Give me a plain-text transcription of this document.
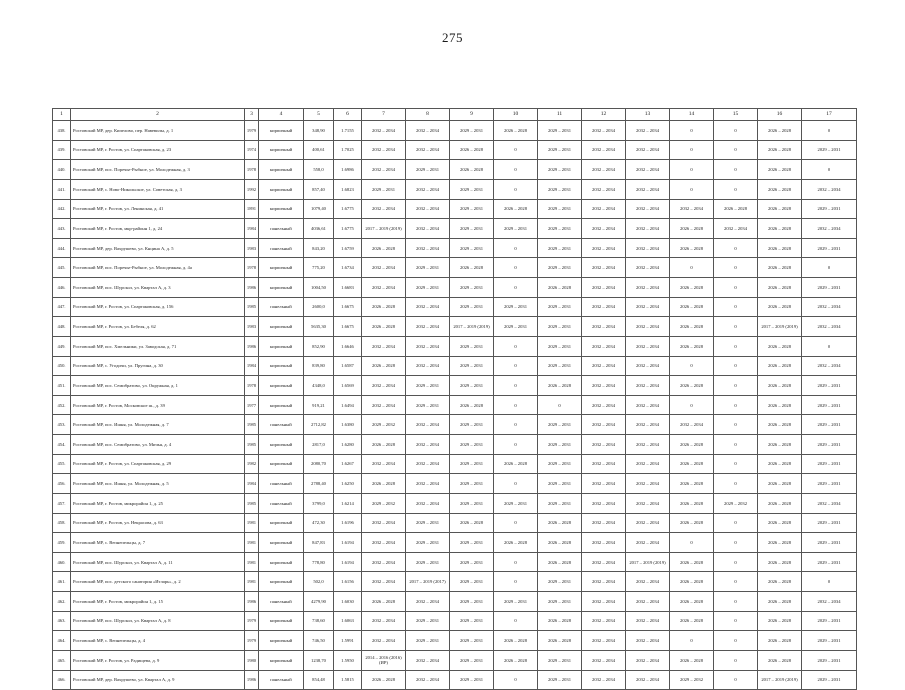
275
1	2	3	4	5	6	7	8	9	10	11	12	13	14	15	16	17
438.	Ростовский МР, дер. Кипелово, пер. Навевилы, д. 1	1979	кирпичный	348,90	1.7155	2032 – 2034	2032 – 2034	2029 – 2031	2026 – 2028	2029 – 2031	2032 – 2034	2032 – 2034	0	0	2026 – 2028	0
439.	Ростовский МР, г. Ростов, ул. Спартаковская, д. 23	1974	кирпичный	400,61	1.7025	2032 – 2034	2032 – 2034	2026 – 2028	0	2029 – 2031	2032 – 2034	2032 – 2034	0	0	2026 – 2028	2029 – 2031
440.	Ростовский МР, пос. Поречье-Рыбное, ул. Молодежная, д. 3	1978	кирпичный	558,0	1.6986	2032 – 2034	2029 – 2031	2026 – 2028	0	2029 – 2031	2032 – 2034	2032 – 2034	0	0	2026 – 2028	0
441.	Ростовский МР, с. Ново-Никольское, ул. Советская, д. 3	1992	кирпичный	857,40	1.6823	2029 – 2031	2032 – 2034	2029 – 2031	0	2029 – 2031	2032 – 2034	2032 – 2034	0	0	2026 – 2028	2032 – 2034
442.	Ростовский МР, г. Ростов, ул. Ленинская, д. 41	1891	кирпичный	1079,40	1.6775	2032 – 2034	2032 – 2034	2029 – 2031	2026 – 2028	2029 – 2031	2032 – 2034	2032 – 2034	2032 – 2034	2026 – 2028	2026 – 2028	2029 – 2031
443.	Ростовский МР, г. Ростов, мкр-районн 1, д. 24	1984	панельный	4036,61	1.6775	2017 – 2019 (2019)	2032 – 2034	2029 – 2031	2029 – 2031	2029 – 2031	2032 – 2034	2032 – 2034	2026 – 2028	2032 – 2034	2026 – 2028	2032 – 2034
444.	Ростовский МР, дер. Вахрушево, ул. Кнцина А, д. 5	1983	панельный	843,20	1.6759	2026 – 2028	2032 – 2034	2029 – 2031	0	2029 – 2031	2032 – 2034	2032 – 2034	2026 – 2028	0	2026 – 2028	2029 – 2031
445.	Ростовский МР, пос. Поречье-Рыбное, ул. Молодежная, д. 4а	1978	кирпичный	775,20	1.6734	2032 – 2034	2029 – 2031	2026 – 2028	0	2029 – 2031	2032 – 2034	2032 – 2034	0	0	2026 – 2028	0
446.	Ростовский МР, пос. Шурскол, ул. Квартал А, д. 3	1986	кирпичный	1004,50	1.6683	2032 – 2034	2029 – 2031	2029 – 2031	0	2026 – 2028	2032 – 2034	2032 – 2034	2026 – 2028	0	2026 – 2028	2029 – 2031
447.	Ростовский МР, г. Ростов, ул. Спартаковская, д. 156	1985	панельный	2600,0	1.6675	2026 – 2028	2032 – 2034	2029 – 2031	2029 – 2031	2029 – 2031	2032 – 2034	2032 – 2034	2026 – 2028	0	2026 – 2028	2032 – 2034
448.	Ростовский МР, г. Ростов, ул. Бебеля, д. 62	1983	кирпичный	5635,30	1.6675	2026 – 2028	2032 – 2034	2017 – 2019 (2019)	2029 – 2031	2029 – 2031	2032 – 2034	2032 – 2034	2026 – 2028	0	2017 – 2019 (2019)	2032 – 2034
449.	Ростовский МР, пос. Хмельники, ул. Заводская, д. 71	1986	кирпичный	852,90	1.6646	2032 – 2034	2032 – 2034	2029 – 2031	0	2029 – 2031	2032 – 2034	2032 – 2034	2026 – 2028	0	2026 – 2028	0
450.	Ростовский МР, с. Угодичи, ул. Пругина, д. 30	1984	кирпичный	839,80	1.6587	2026 – 2028	2032 – 2034	2029 – 2031	0	2029 – 2031	2032 – 2034	2032 – 2034	0	0	2026 – 2028	2032 – 2034
451.	Ростовский МР, пос. Семибратово, ул. Окружная, д. 1	1978	кирпичный	4348,0	1.6569	2032 – 2034	2029 – 2031	2029 – 2031	0	2026 – 2028	2032 – 2034	2032 – 2034	2026 – 2028	0	2026 – 2028	2029 – 2031
452.	Ростовский МР, г. Ростов, Московское ш., д. 39	1977	кирпичный	919,21	1.6494	2032 – 2034	2029 – 2031	2026 – 2028	0	0	2032 – 2034	2032 – 2034	0	0	2026 – 2028	2029 – 2031
453.	Ростовский МР, пос. Ишня, ул. Молодежная, д. 7	1985	панельный	2712,82	1.6380	2029 – 2032	2032 – 2034	2029 – 2031	0	2029 – 2031	2032 – 2034	2032 – 2034	2032 – 2034	0	2026 – 2028	2029 – 2031
454.	Ростовский МР, пос. Семибратово, ул. Мичья, д. 4	1985	кирпичный	2817,0	1.6280	2026 – 2028	2032 – 2034	2029 – 2031	0	2029 – 2031	2032 – 2034	2032 – 2034	2026 – 2028	0	2026 – 2028	2029 – 2031
455.	Ростовский МР, г. Ростов, ул. Спартаковская, д. 29	1982	кирпичный	2080,70	1.6267	2032 – 2034	2032 – 2034	2029 – 2031	2026 – 2028	2029 – 2031	2032 – 2034	2032 – 2034	2026 – 2028	0	2026 – 2028	2029 – 2031
456.	Ростовский МР, пос. Ишня, ул. Молодежная, д. 5	1984	панельный	2788,40	1.6250	2026 – 2028	2032 – 2034	2029 – 2031	0	2029 – 2031	2032 – 2034	2032 – 2034	2026 – 2028	0	2026 – 2028	2029 – 2031
457.	Ростовский МР, г. Ростов, микрорайон 1, д. 25	1985	панельный	3799,0	1.6214	2029 – 2032	2032 – 2034	2029 – 2031	2029 – 2031	2029 – 2031	2032 – 2034	2032 – 2034	2026 – 2028	2029 – 2032	2026 – 2028	2032 – 2034
458.	Ростовский МР, г. Ростов, ул. Некрасова, д. 63	1981	кирпичный	472,30	1.6196	2032 – 2034	2029 – 2031	2026 – 2028	0	2026 – 2028	2032 – 2034	2032 – 2034	2026 – 2028	0	2026 – 2028	2029 – 2031
459.	Ростовский МР, с. Вепнепельцы, д. 7	1981	кирпичный	847,83	1.6194	2032 – 2034	2029 – 2031	2029 – 2031	2026 – 2028	2026 – 2028	2032 – 2034	2032 – 2034	0	0	2026 – 2028	2029 – 2031
460.	Ростовский МР, пос. Шурскол, ул. Квартал А, д. 11	1981	кирпичный	778,80	1.6194	2032 – 2034	2029 – 2031	2029 – 2031	0	2026 – 2028	2032 – 2034	2017 – 2019 (2019)	2026 – 2028	0	2026 – 2028	2029 – 2031
461.	Ростовский МР, пос. детского санатория «Итларь», д. 2	1981	кирпичный	502,0	1.6156	2032 – 2034	2017 – 2019 (2017)	2029 – 2031	0	2029 – 2031	2032 – 2034	2032 – 2034	2026 – 2028	0	2026 – 2028	0
462.	Ростовский МР, г. Ростов, микрорайон 1, д. 15	1986	панельный	4279,90	1.6030	2026 – 2028	2032 – 2034	2029 – 2031	2029 – 2031	2029 – 2031	2032 – 2034	2032 – 2034	2026 – 2028	0	2026 – 2028	2032 – 2034
463.	Ростовский МР, пос. Шурскол, ул. Квартал А, д. 8	1979	кирпичный	738,60	1.6063	2032 – 2034	2029 – 2031	2029 – 2031	0	2026 – 2028	2032 – 2034	2032 – 2034	2026 – 2028	0	2026 – 2028	2029 – 2031
464.	Ростовский МР, с. Вепнепельцы, д. 4	1979	кирпичный	746,50	1.5991	2032 – 2034	2029 – 2031	2029 – 2031	2026 – 2028	2026 – 2028	2032 – 2034	2032 – 2034	0	0	2026 – 2028	2029 – 2031
465.	Ростовский МР, г. Ростов, ул. Радищева, д. 9	1980	кирпичный	1238,70	1.5950	2014 – 2016 (2016) (ИР)	2032 – 2034	2029 – 2031	2026 – 2028	2029 – 2031	2032 – 2034	2032 – 2034	2026 – 2028	0	2026 – 2028	2029 – 2031
466.	Ростовский МР, дер. Вахрушево, ул. Квартал А, д. 9	1986	панельный	854,48	1.5815	2026 – 2028	2032 – 2034	2029 – 2031	0	2029 – 2031	2032 – 2034	2032 – 2034	2029 – 2032	0	2017 – 2019 (2019)	2029 – 2031
